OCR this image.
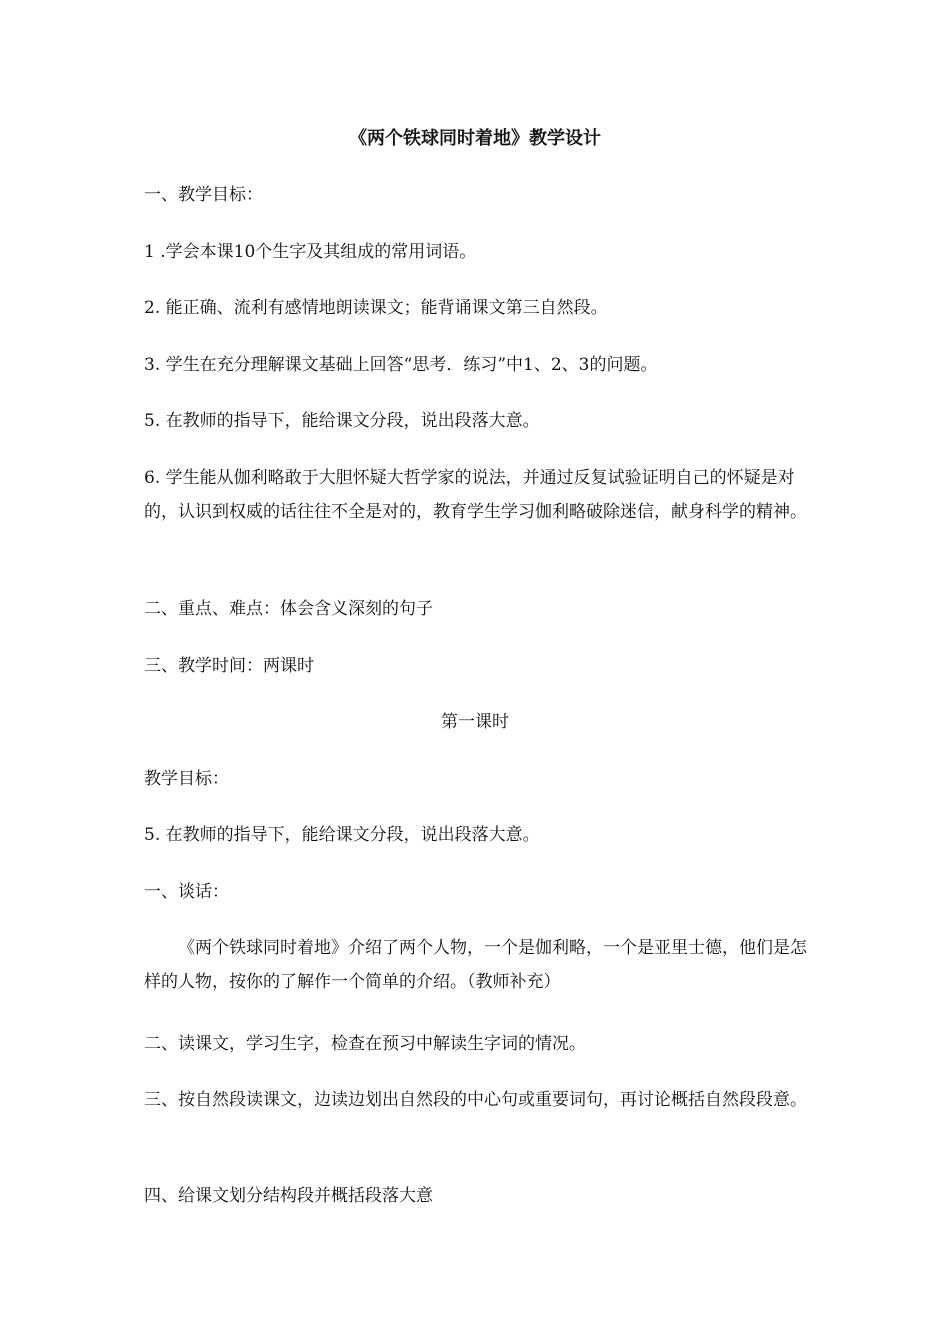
《两个铁球同时着地》教学设计
一、教学目标：
1 .学会本课10个生字及其组成的常用词语。
2. 能正确、流利有感情地朗读课文；能背诵课文第三自然段。
3. 学生在充分理解课文基础上回答“思考．练习”中1、2、3的问题。
5. 在教师的指导下，能给课文分段，说出段落大意。
6. 学生能从伽利略敢于大胆怀疑大哲学家的说法，并通过反复试验证明自己的怀疑是对的，认识到权威的话往往不全是对的，教育学生学习伽利略破除迷信，献身科学的精神。
二、重点、难点：体会含义深刻的句子
三、教学时间：两课时
第一课时
教学目标：
5. 在教师的指导下，能给课文分段，说出段落大意。
一、谈话：
《两个铁球同时着地》介绍了两个人物，一个是伽利略，一个是亚里士德，他们是怎样的人物，按你的了解作一个简单的介绍。（教师补充）
二、读课文，学习生字，检查在预习中解读生字词的情况。
三、按自然段读课文，边读边划出自然段的中心句或重要词句，再讨论概括自然段段意。
四、给课文划分结构段并概括段落大意
